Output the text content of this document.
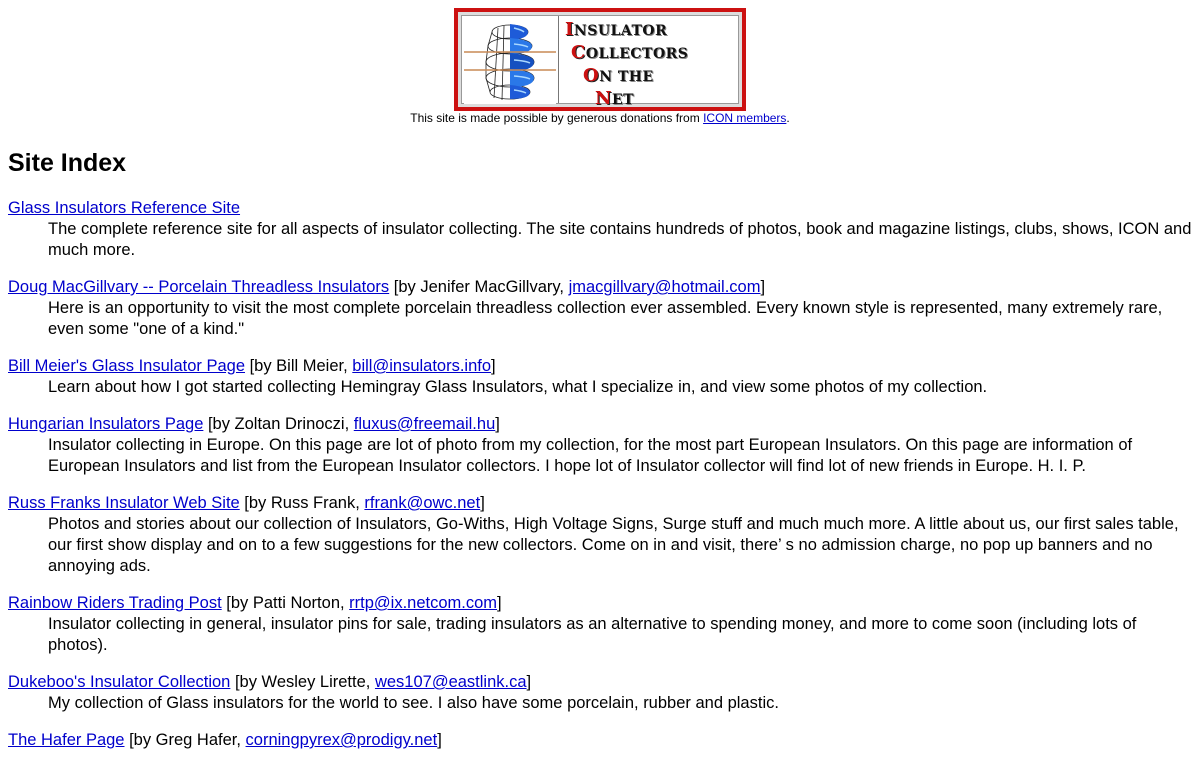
INSULATOR
COLLECTORS
ON THE
NET
This site is made possible by generous donations from ICON members.
Site Index
Glass Insulators Reference Site
The complete reference site for all aspects of insulator collecting. The site contains hundreds of photos, book and magazine listings, clubs, shows, ICON and much more.
Doug MacGillvary -- Porcelain Threadless Insulators [by Jenifer MacGillvary, jmacgillvary@hotmail.com]
Here is an opportunity to visit the most complete porcelain threadless collection ever assembled. Every known style is represented, many extremely rare, even some "one of a kind."
Bill Meier's Glass Insulator Page [by Bill Meier, bill@insulators.info]
Learn about how I got started collecting Hemingray Glass Insulators, what I specialize in, and view some photos of my collection.
Hungarian Insulators Page [by Zoltan Drinoczi, fluxus@freemail.hu]
Insulator collecting in Europe. On this page are lot of photo from my collection, for the most part European Insulators. On this page are information of European Insulators and list from the European Insulator collectors. I hope lot of Insulator collector will find lot of new friends in Europe. H. I. P.
Russ Franks Insulator Web Site [by Russ Frank, rfrank@owc.net]
Photos and stories about our collection of Insulators, Go-Withs, High Voltage Signs, Surge stuff and much much more. A little about us, our first sales table, our first show display and on to a few suggestions for the new collectors. Come on in and visit, there’ s no admission charge, no pop up banners and no annoying ads.
Rainbow Riders Trading Post [by Patti Norton, rrtp@ix.netcom.com]
Insulator collecting in general, insulator pins for sale, trading insulators as an alternative to spending money, and more to come soon (including lots of photos).
Dukeboo's Insulator Collection [by Wesley Lirette, wes107@eastlink.ca]
My collection of Glass insulators for the world to see. I also have some porcelain, rubber and plastic.
The Hafer Page [by Greg Hafer, corningpyrex@prodigy.net]
